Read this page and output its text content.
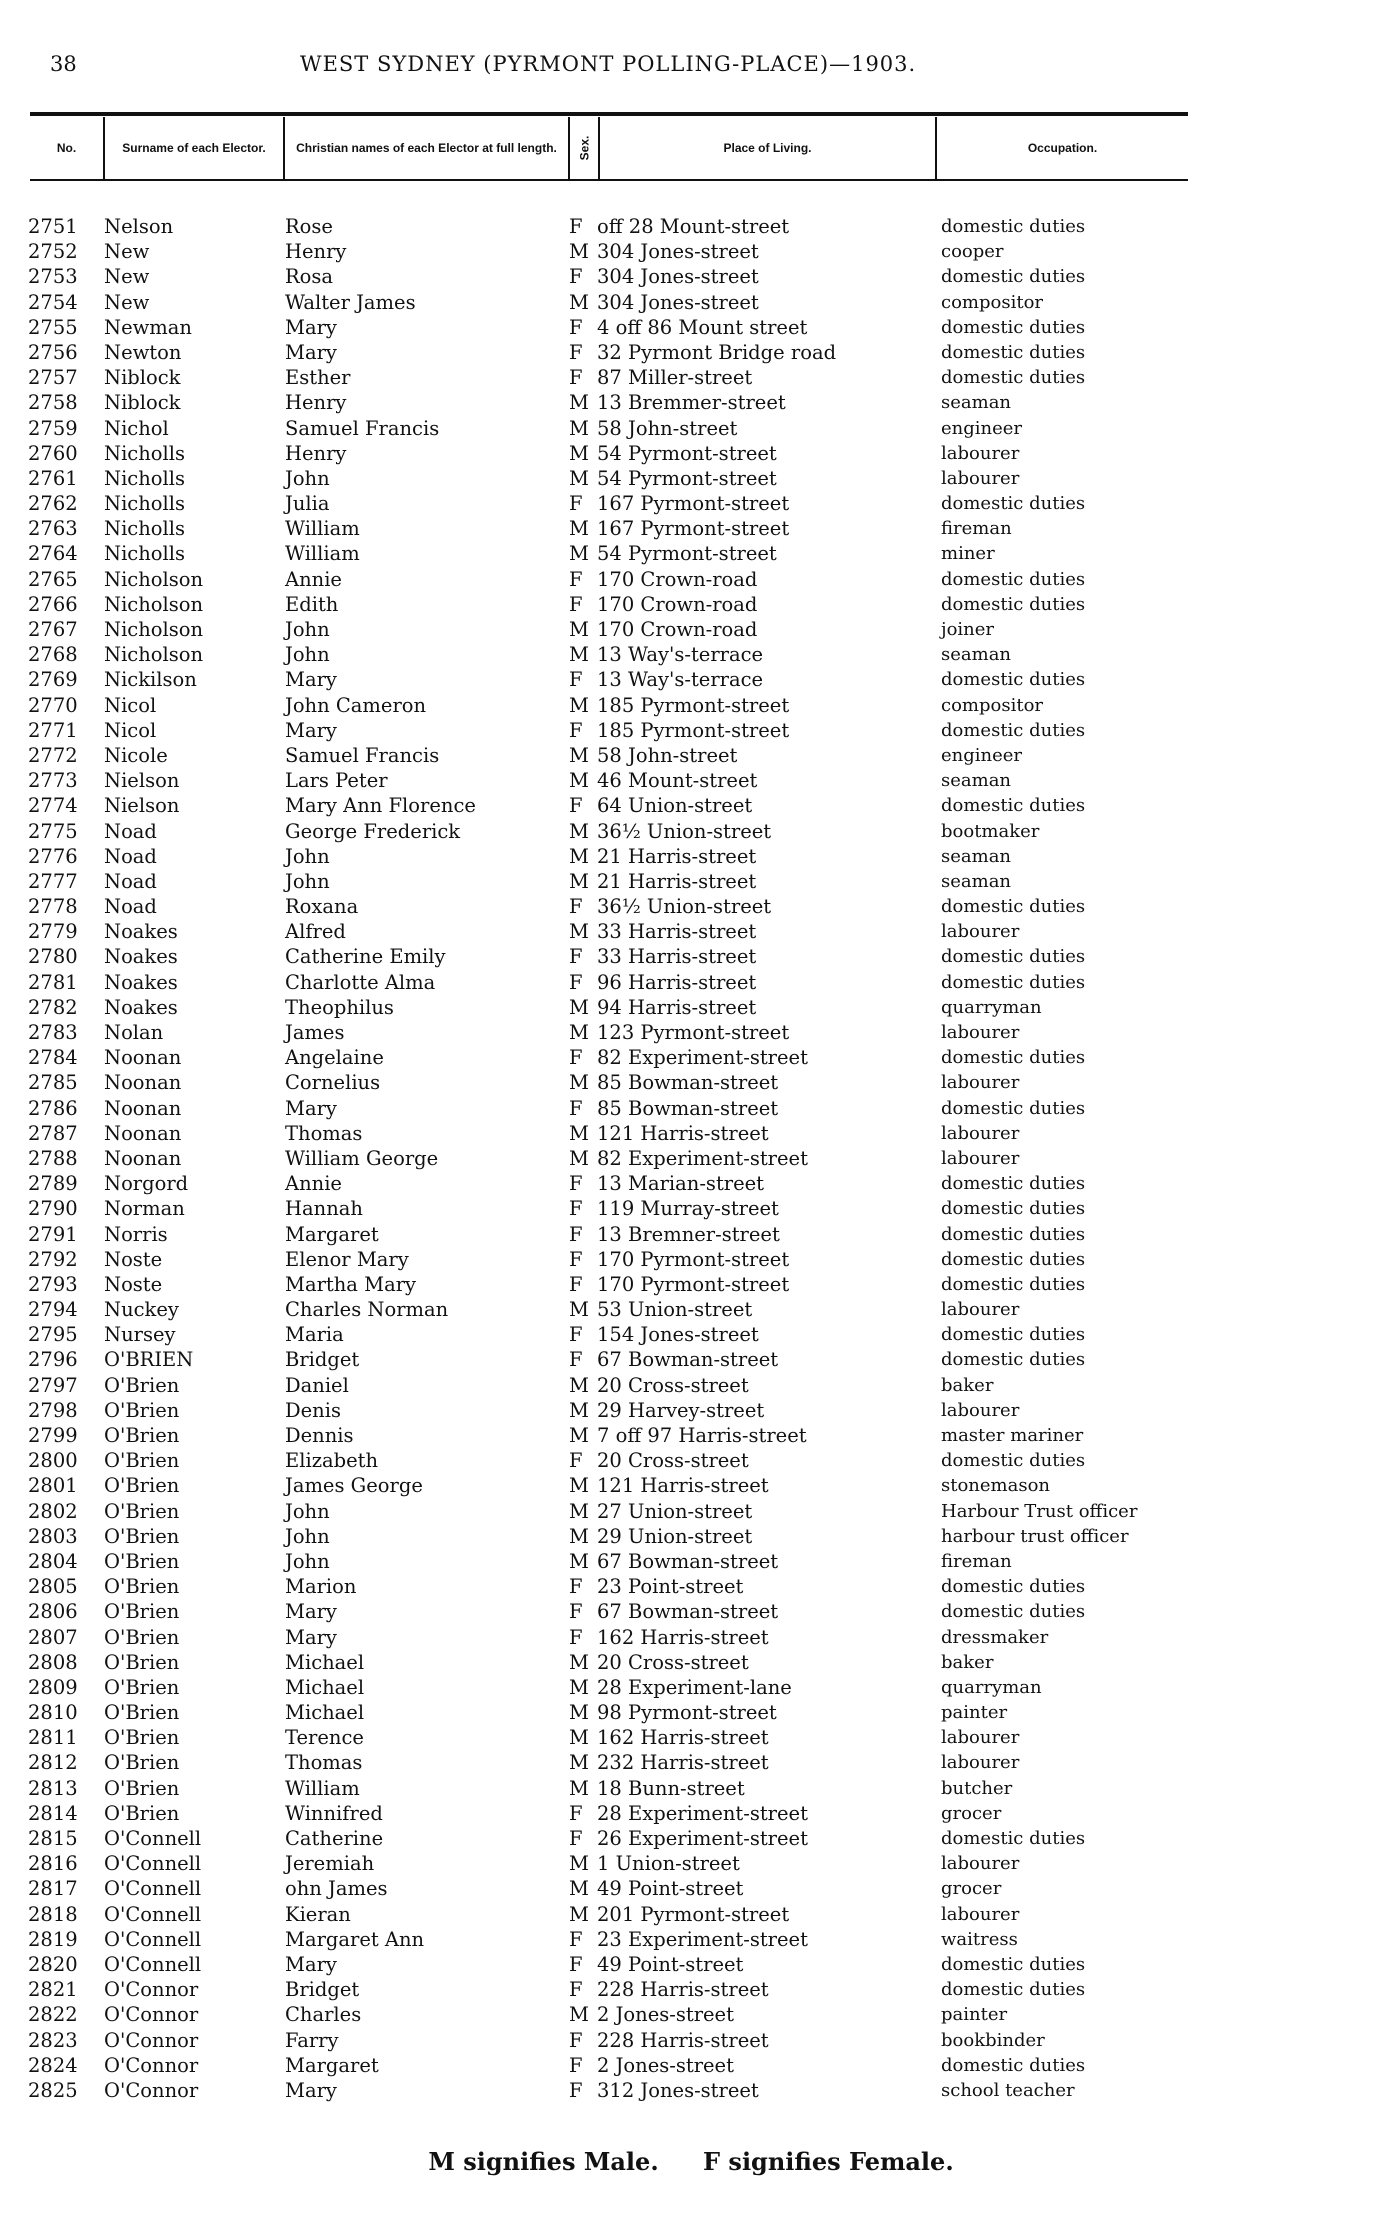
38	WEST SYDNEY (PYRMONT POLLING-PLACE)—1903.
No.	Surname of each Elector.	Christian names of each Elector at full length.	Sex.	Place of Living.	Occupation.
2751 Nelson	Rose	F off 28 Mount-street	domestic duties
2752 New	Henry	M 304 Jones-street	cooper
2753 New	Rosa	F 304 Jones-street	domestic duties
2754 New	Walter James	M 304 Jones-street	compositor
2755 Newman	Mary	F 4 off 86 Mount street	domestic duties
2756 Newton	Mary	F 32 Pyrmont Bridge road	domestic duties
2757 Niblock	Esther	F 87 Miller-street	domestic duties
2758 Niblock	Henry	M 13 Bremmer-street	seaman
2759 Nichol	Samuel Francis	M 58 John-street	engineer
2760 Nicholls	Henry	M 54 Pyrmont-street	labourer
2761 Nicholls	John	M 54 Pyrmont-street	labourer
2762 Nicholls	Julia	F 167 Pyrmont-street	domestic duties
2763 Nicholls	William	M 167 Pyrmont-street	fireman
2764 Nicholls	William	M 54 Pyrmont-street	miner
2765 Nicholson	Annie	F 170 Crown-road	domestic duties
2766 Nicholson	Edith	F 170 Crown-road	domestic duties
2767 Nicholson	John	M 170 Crown-road	joiner
2768 Nicholson	John	M 13 Way's-terrace	seaman
2769 Nickilson	Mary	F 13 Way's-terrace	domestic duties
2770 Nicol	John Cameron	M 185 Pyrmont-street	compositor
2771 Nicol	Mary	F 185 Pyrmont-street	domestic duties
2772 Nicole	Samuel Francis	M 58 John-street	engineer
2773 Nielson	Lars Peter	M 46 Mount-street	seaman
2774 Nielson	Mary Ann Florence	F 64 Union-street	domestic duties
2775 Noad	George Frederick	M 36½ Union-street	bootmaker
2776 Noad	John	M 21 Harris-street	seaman
2777 Noad	John	M 21 Harris-street	seaman
2778 Noad	Roxana	F 36½ Union-street	domestic duties
2779 Noakes	Alfred	M 33 Harris-street	labourer
2780 Noakes	Catherine Emily	F 33 Harris-street	domestic duties
2781 Noakes	Charlotte Alma	F 96 Harris-street	domestic duties
2782 Noakes	Theophilus	M 94 Harris-street	quarryman
2783 Nolan	James	M 123 Pyrmont-street	labourer
2784 Noonan	Angelaine	F 82 Experiment-street	domestic duties
2785 Noonan	Cornelius	M 85 Bowman-street	labourer
2786 Noonan	Mary	F 85 Bowman-street	domestic duties
2787 Noonan	Thomas	M 121 Harris-street	labourer
2788 Noonan	William George	M 82 Experiment-street	labourer
2789 Norgord	Annie	F 13 Marian-street	domestic duties
2790 Norman	Hannah	F 119 Murray-street	domestic duties
2791 Norris	Margaret	F 13 Bremner-street	domestic duties
2792 Noste	Elenor Mary	F 170 Pyrmont-street	domestic duties
2793 Noste	Martha Mary	F 170 Pyrmont-street	domestic duties
2794 Nuckey	Charles Norman	M 53 Union-street	labourer
2795 Nursey	Maria	F 154 Jones-street	domestic duties
2796 O'BRIEN	Bridget	F 67 Bowman-street	domestic duties
2797 O'Brien	Daniel	M 20 Cross-street	baker
2798 O'Brien	Denis	M 29 Harvey-street	labourer
2799 O'Brien	Dennis	M 7 off 97 Harris-street	master mariner
2800 O'Brien	Elizabeth	F 20 Cross-street	domestic duties
2801 O'Brien	James George	M 121 Harris-street	stonemason
2802 O'Brien	John	M 27 Union-street	Harbour Trust officer
2803 O'Brien	John	M 29 Union-street	harbour trust officer
2804 O'Brien	John	M 67 Bowman-street	fireman
2805 O'Brien	Marion	F 23 Point-street	domestic duties
2806 O'Brien	Mary	F 67 Bowman-street	domestic duties
2807 O'Brien	Mary	F 162 Harris-street	dressmaker
2808 O'Brien	Michael	M 20 Cross-street	baker
2809 O'Brien	Michael	M 28 Experiment-lane	quarryman
2810 O'Brien	Michael	M 98 Pyrmont-street	painter
2811 O'Brien	Terence	M 162 Harris-street	labourer
2812 O'Brien	Thomas	M 232 Harris-street	labourer
2813 O'Brien	William	M 18 Bunn-street	butcher
2814 O'Brien	Winnifred	F 28 Experiment-street	grocer
2815 O'Connell	Catherine	F 26 Experiment-street	domestic duties
2816 O'Connell	Jeremiah	M 1 Union-street	labourer
2817 O'Connell	ohn James	M 49 Point-street	grocer
2818 O'Connell	Kieran	M 201 Pyrmont-street	labourer
2819 O'Connell	Margaret Ann	F 23 Experiment-street	waitress
2820 O'Connell	Mary	F 49 Point-street	domestic duties
2821 O'Connor	Bridget	F 228 Harris-street	domestic duties
2822 O'Connor	Charles	M 2 Jones-street	painter
2823 O'Connor	Farry	F 228 Harris-street	bookbinder
2824 O'Connor	Margaret	F 2 Jones-street	domestic duties
2825 O'Connor	Mary	F 312 Jones-street	school teacher
M signifies Male. F signifies Female.
